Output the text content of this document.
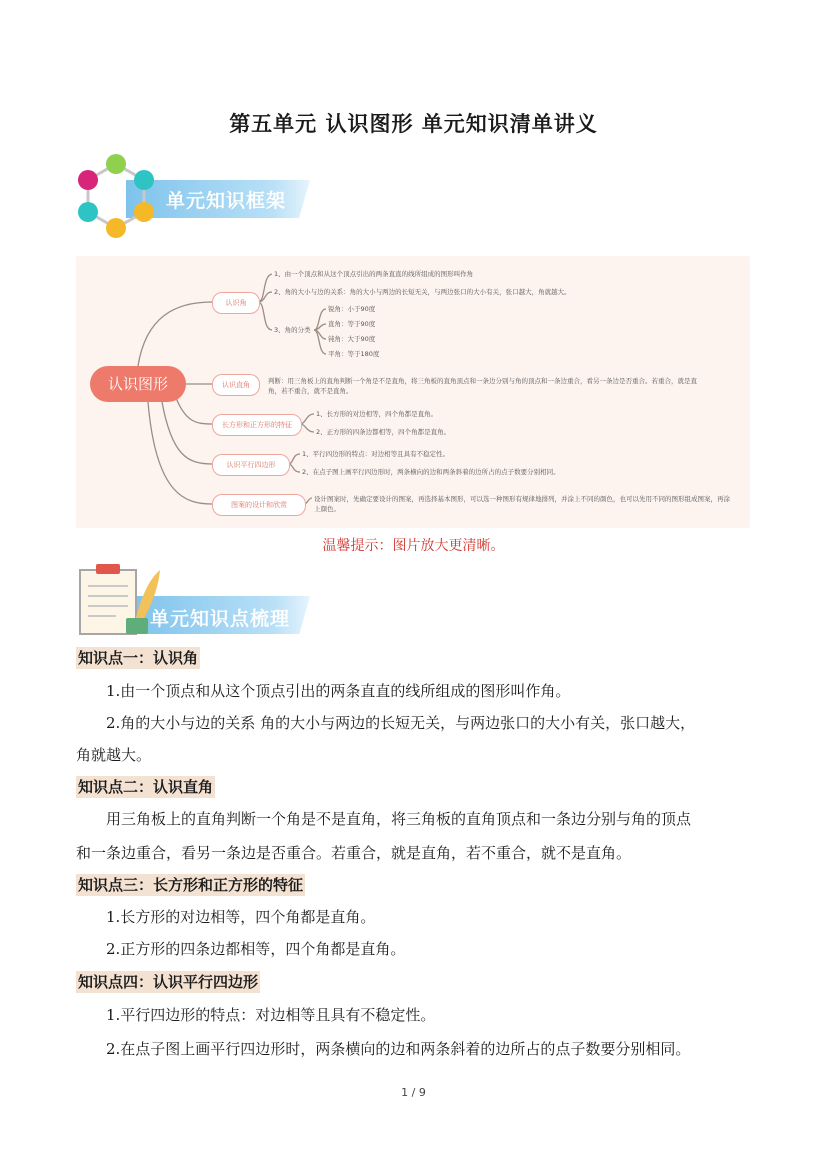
第五单元 认识图形 单元知识清单讲义
单元知识框架
认识图形
认识角
认识直角
长方形和正方形的特征
认识平行四边形
图案的设计和欣赏
1、由一个顶点和从这个顶点引出的两条直直的线所组成的图形叫作角
2、角的大小与边的关系：角的大小与两边的长短无关，与两边张口的大小有关，张口越大，角就越大。
3、角的分类
锐角：小于90度
直角：等于90度
钝角：大于90度
平角：等于180度
判断：用三角板上的直角判断一个角是不是直角，将三角板的直角顶点和一条边分别与角的顶点和一条边重合，看另一条边是否重合。若重合，就是直角，若不重合，就不是直角。
1、长方形的对边相等，四个角都是直角。
2、正方形的四条边都相等，四个角都是直角。
1、平行四边形的特点：对边相等且具有不稳定性。
2、在点子图上画平行四边形时，两条横向的边和两条斜着的边所占的点子数要分别相同。
设计图案时，先确定要设计的图案，再选择基本图形，可以选一种图形有规律地排列，并涂上不同的颜色，也可以先用不同的图形组成图案，再涂上颜色。
温馨提示：图片放大更清晰。
单元知识点梳理
知识点一：认识角
1.由一个顶点和从这个顶点引出的两条直直的线所组成的图形叫作角。
2.角的大小与边的关系 角的大小与两边的长短无关，与两边张口的大小有关，张口越大，
角就越大。
知识点二：认识直角
用三角板上的直角判断一个角是不是直角，将三角板的直角顶点和一条边分别与角的顶点
和一条边重合，看另一条边是否重合。若重合，就是直角，若不重合，就不是直角。
知识点三：长方形和正方形的特征
1.长方形的对边相等，四个角都是直角。
2.正方形的四条边都相等，四个角都是直角。
知识点四：认识平行四边形
1.平行四边形的特点：对边相等且具有不稳定性。
2.在点子图上画平行四边形时，两条横向的边和两条斜着的边所占的点子数要分别相同。
1 / 9
